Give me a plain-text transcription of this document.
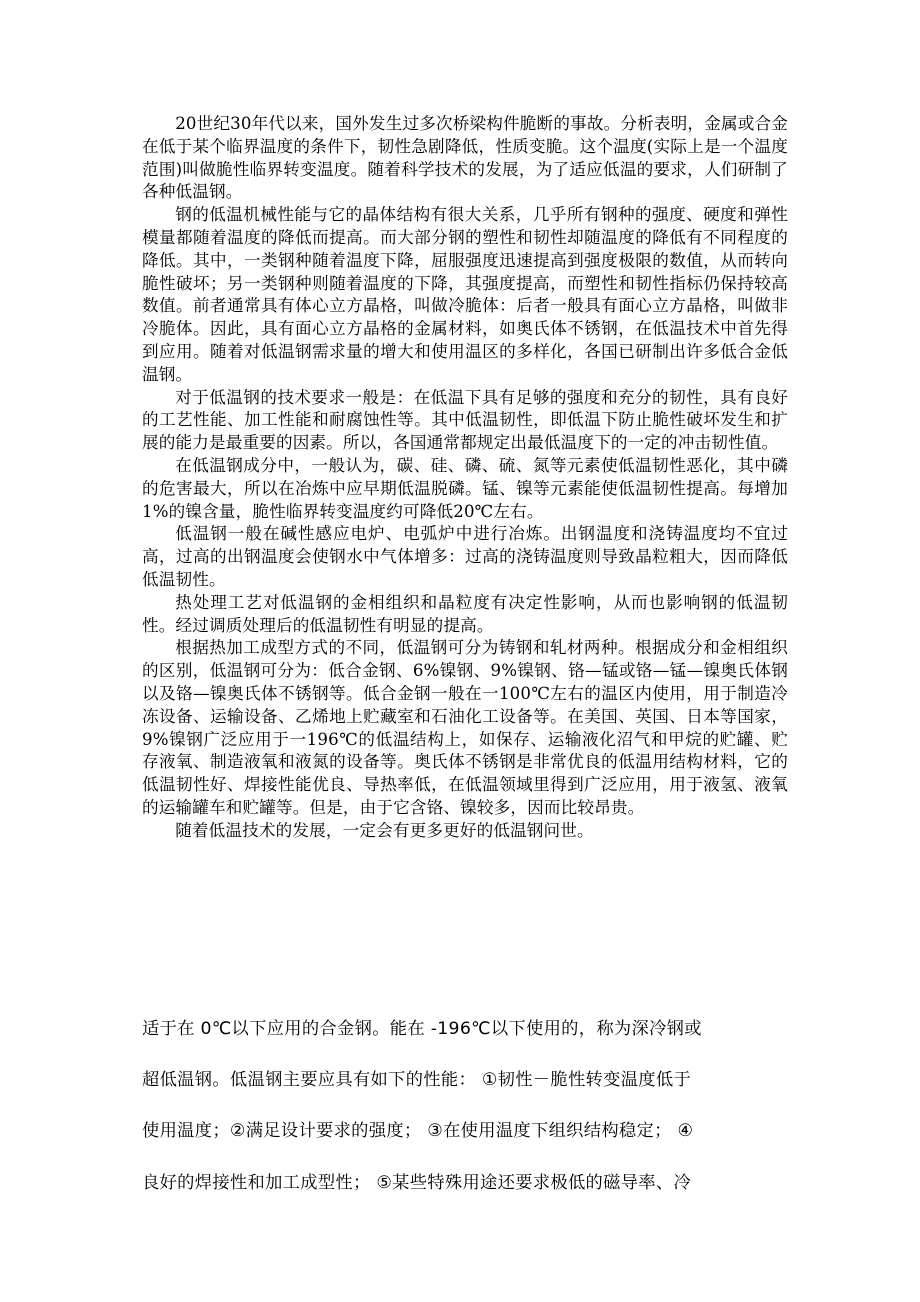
20世纪30年代以来，国外发生过多次桥梁构件脆断的事故。分析表明，金属或合金在低于某个临界温度的条件下，韧性急剧降低，性质变脆。这个温度(实际上是一个温度范围)叫做脆性临界转变温度。随着科学技术的发展，为了适应低温的要求，人们研制了各种低温钢。

钢的低温机械性能与它的晶体结构有很大关系，几乎所有钢种的强度、硬度和弹性模量都随着温度的降低而提高。而大部分钢的塑性和韧性却随温度的降低有不同程度的降低。其中，一类钢种随着温度下降，屈服强度迅速提高到强度极限的数值，从而转向脆性破坏；另一类钢种则随着温度的下降，其强度提高，而塑性和韧性指标仍保持较高数值。前者通常具有体心立方晶格，叫做冷脆体：后者一般具有面心立方晶格，叫做非冷脆体。因此，具有面心立方晶格的金属材料，如奥氏体不锈钢，在低温技术中首先得到应用。随着对低温钢需求量的增大和使用温区的多样化，各国已研制出许多低合金低温钢。

对于低温钢的技术要求一般是：在低温下具有足够的强度和充分的韧性，具有良好的工艺性能、加工性能和耐腐蚀性等。其中低温韧性，即低温下防止脆性破坏发生和扩展的能力是最重要的因素。所以，各国通常都规定出最低温度下的一定的冲击韧性值。

在低温钢成分中，一般认为，碳、硅、磷、硫、氮等元素使低温韧性恶化，其中磷的危害最大，所以在冶炼中应早期低温脱磷。锰、镍等元素能使低温韧性提高。每增加1%的镍含量，脆性临界转变温度约可降低20℃左右。

低温钢一般在碱性感应电炉、电弧炉中进行冶炼。出钢温度和浇铸温度均不宜过高，过高的出钢温度会使钢水中气体增多：过高的浇铸温度则导致晶粒粗大，因而降低低温韧性。

热处理工艺对低温钢的金相组织和晶粒度有决定性影响，从而也影响钢的低温韧性。经过调质处理后的低温韧性有明显的提高。

根据热加工成型方式的不同，低温钢可分为铸钢和轧材两种。根据成分和金相组织的区别，低温钢可分为：低合金钢、6%镍钢、9%镍钢、铬—锰或铬—锰—镍奥氏体钢以及铬—镍奥氏体不锈钢等。低合金钢一般在一100℃左右的温区内使用，用于制造冷冻设备、运输设备、乙烯地上贮藏室和石油化工设备等。在美国、英国、日本等国家，9%镍钢广泛应用于一196℃的低温结构上，如保存、运输液化沼气和甲烷的贮罐、贮存液氧、制造液氧和液氮的设备等。奥氏体不锈钢是非常优良的低温用结构材料，它的低温韧性好、焊接性能优良、导热率低，在低温领域里得到广泛应用，用于液氢、液氧的运输罐车和贮罐等。但是，由于它含铬、镍较多，因而比较昂贵。

随着低温技术的发展，一定会有更多更好的低温钢问世。

适于在 0℃以下应用的合金钢。能在 -196℃以下使用的，称为深冷钢或
超低温钢。低温钢主要应具有如下的性能： ①韧性－脆性转变温度低于
使用温度；②满足设计要求的强度； ③在使用温度下组织结构稳定； ④
良好的焊接性和加工成型性； ⑤某些特殊用途还要求极低的磁导率、冷
